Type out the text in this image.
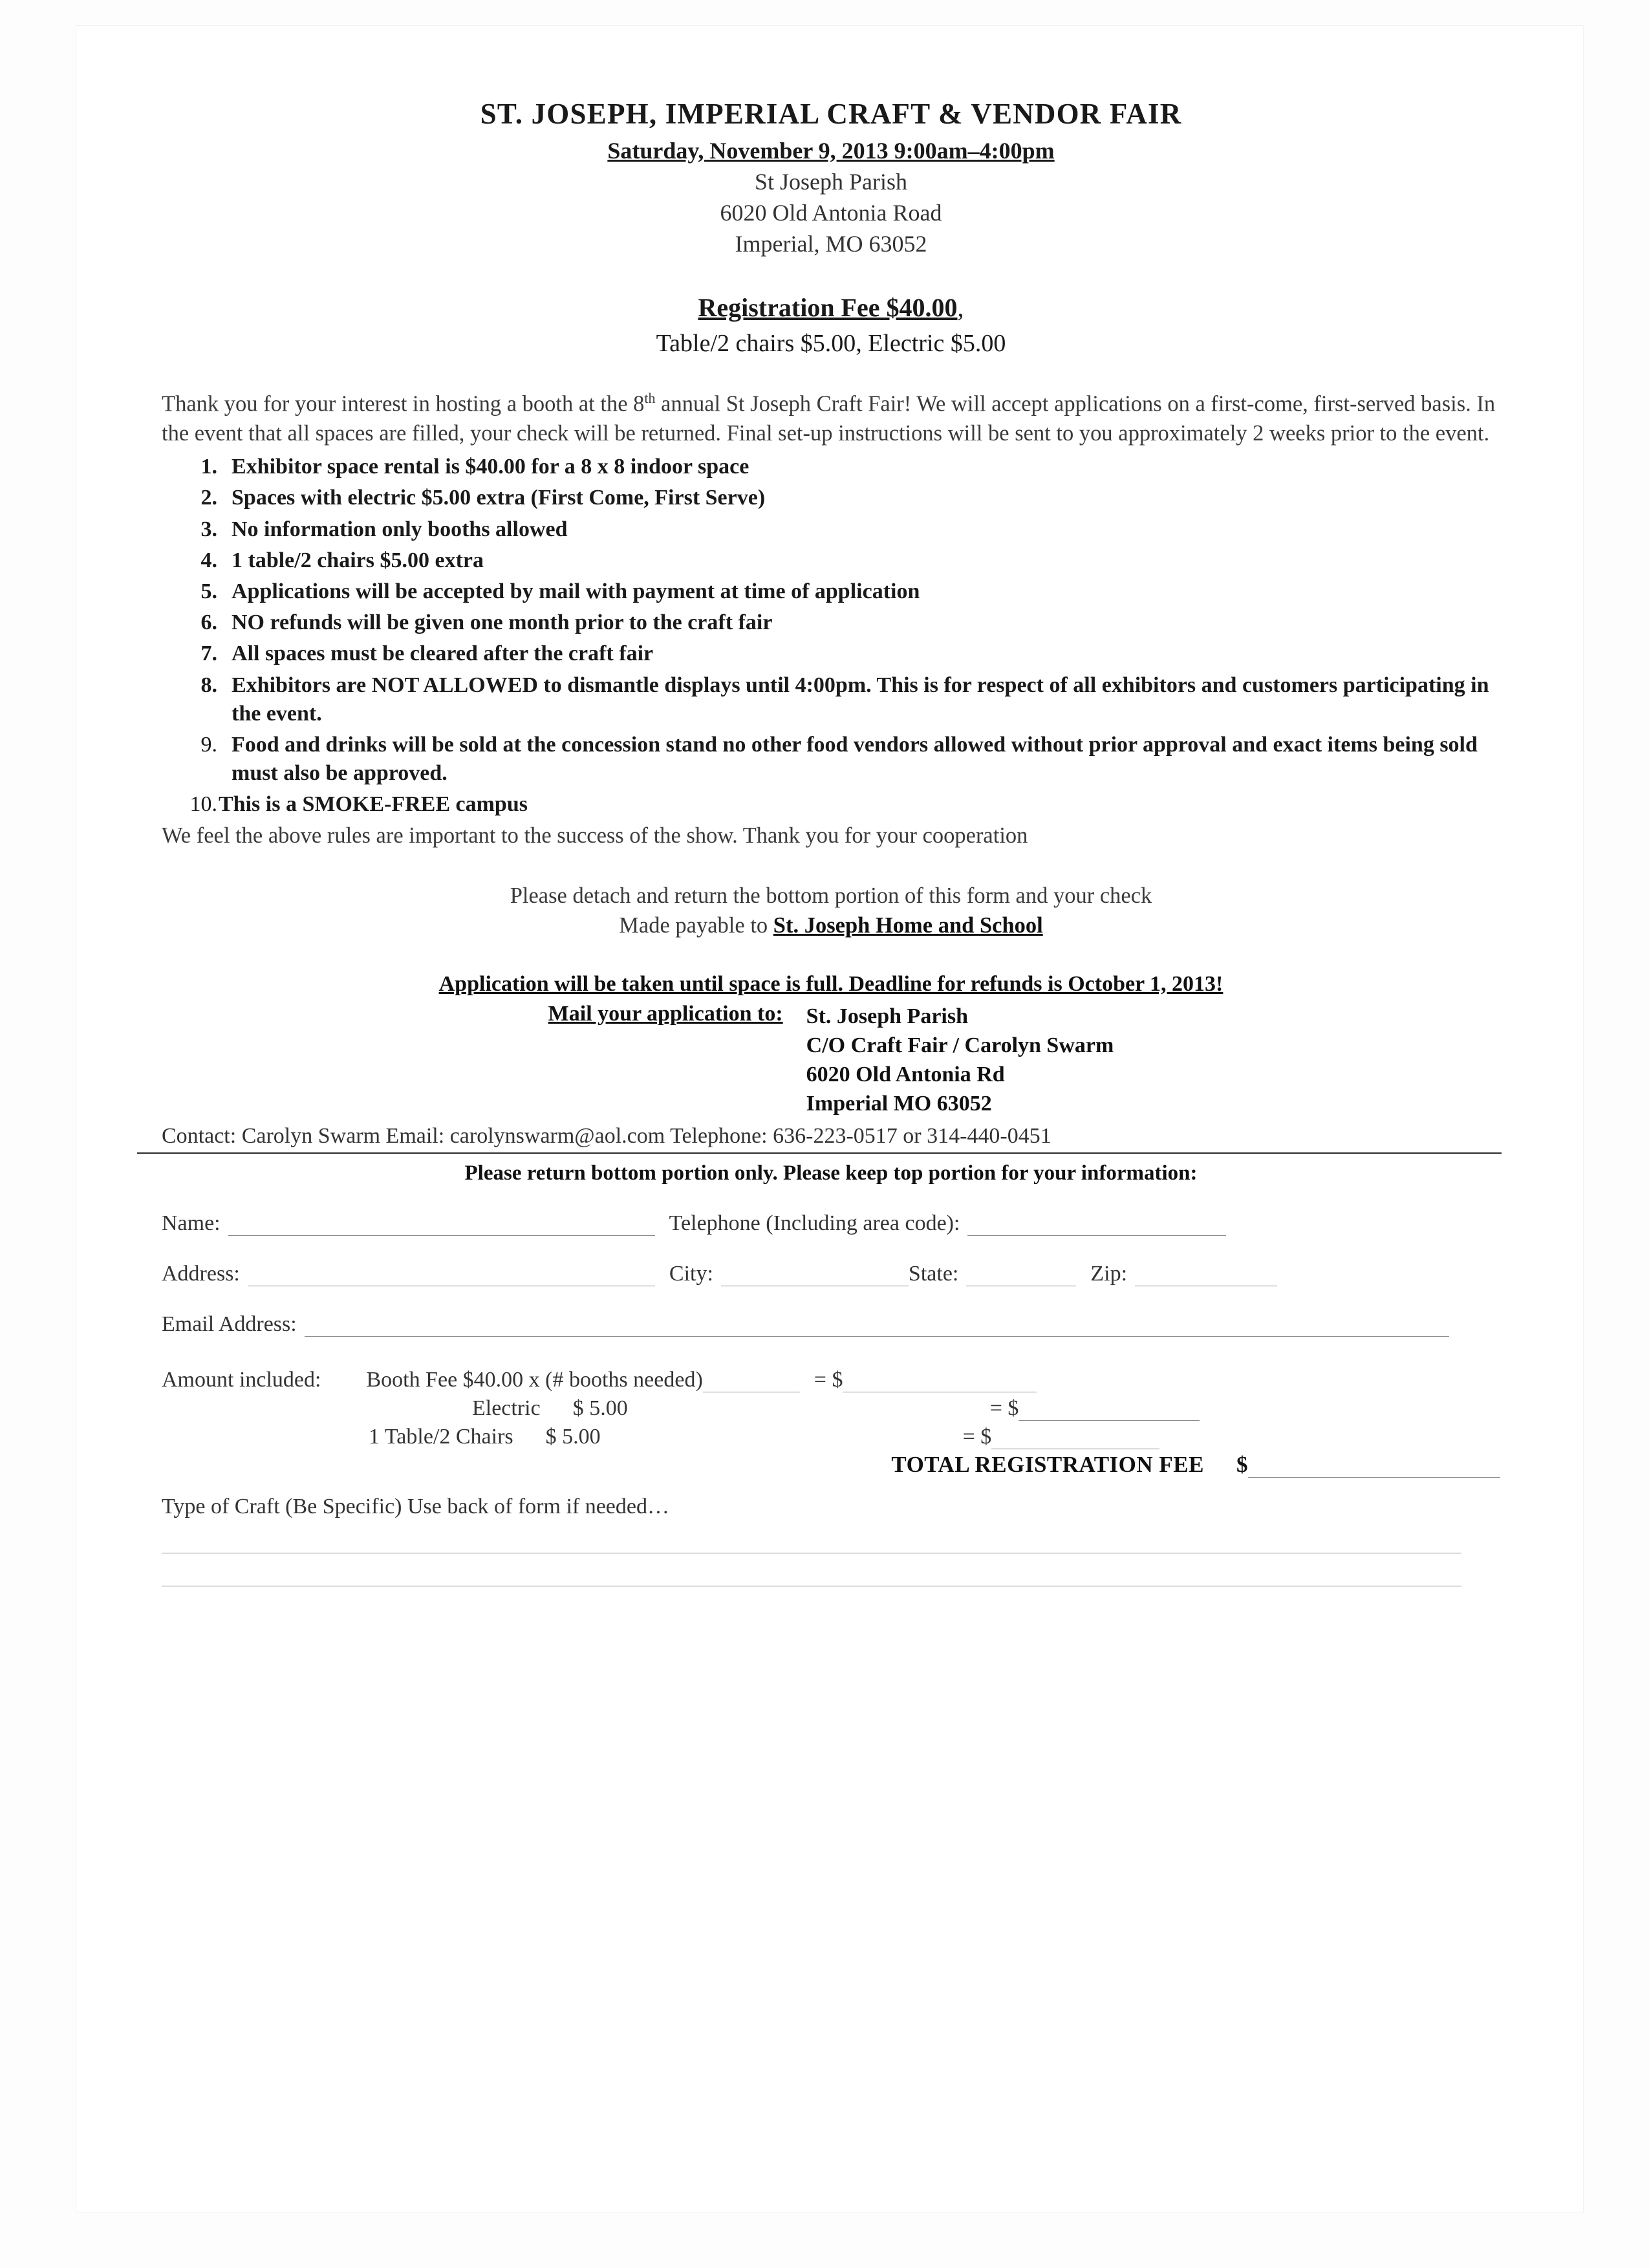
ST. JOSEPH, IMPERIAL CRAFT & VENDOR FAIR
Saturday, November 9, 2013 9:00am–4:00pm
St Joseph Parish
6020 Old Antonia Road
Imperial, MO 63052
Registration Fee $40.00,
Table/2 chairs $5.00, Electric $5.00
Thank you for your interest in hosting a booth at the 8th annual St Joseph Craft Fair! We will accept applications on a first-come, first-served basis. In the event that all spaces are filled, your check will be returned. Final set-up instructions will be sent to you approximately 2 weeks prior to the event.
1. Exhibitor space rental is $40.00 for a 8 x 8 indoor space
2. Spaces with electric $5.00 extra (First Come, First Serve)
3. No information only booths allowed
4. 1 table/2 chairs $5.00 extra
5. Applications will be accepted by mail with payment at time of application
6. NO refunds will be given one month prior to the craft fair
7. All spaces must be cleared after the craft fair
8. Exhibitors are NOT ALLOWED to dismantle displays until 4:00pm. This is for respect of all exhibitors and customers participating in the event.
9. Food and drinks will be sold at the concession stand no other food vendors allowed without prior approval and exact items being sold must also be approved.
10. This is a SMOKE-FREE campus
We feel the above rules are important to the success of the show. Thank you for your cooperation
Please detach and return the bottom portion of this form and your check
Made payable to St. Joseph Home and School
Application will be taken until space is full. Deadline for refunds is October 1, 2013!
Mail your application to:	St. Joseph Parish
C/O Craft Fair / Carolyn Swarm
6020 Old Antonia Rd
Imperial MO 63052
Contact: Carolyn Swarm Email: carolynswarm@aol.com Telephone: 636-223-0517 or 314-440-0451
Please return bottom portion only. Please keep top portion for your information:
Name:	Telephone (Including area code):
Address:	City:	State:	Zip:
Email Address:
Amount included: Booth Fee $40.00 x (# booths needed)	= $
Electric $ 5.00	= $
1 Table/2 Chairs $ 5.00	= $
TOTAL REGISTRATION FEE $
Type of Craft (Be Specific) Use back of form if needed…
